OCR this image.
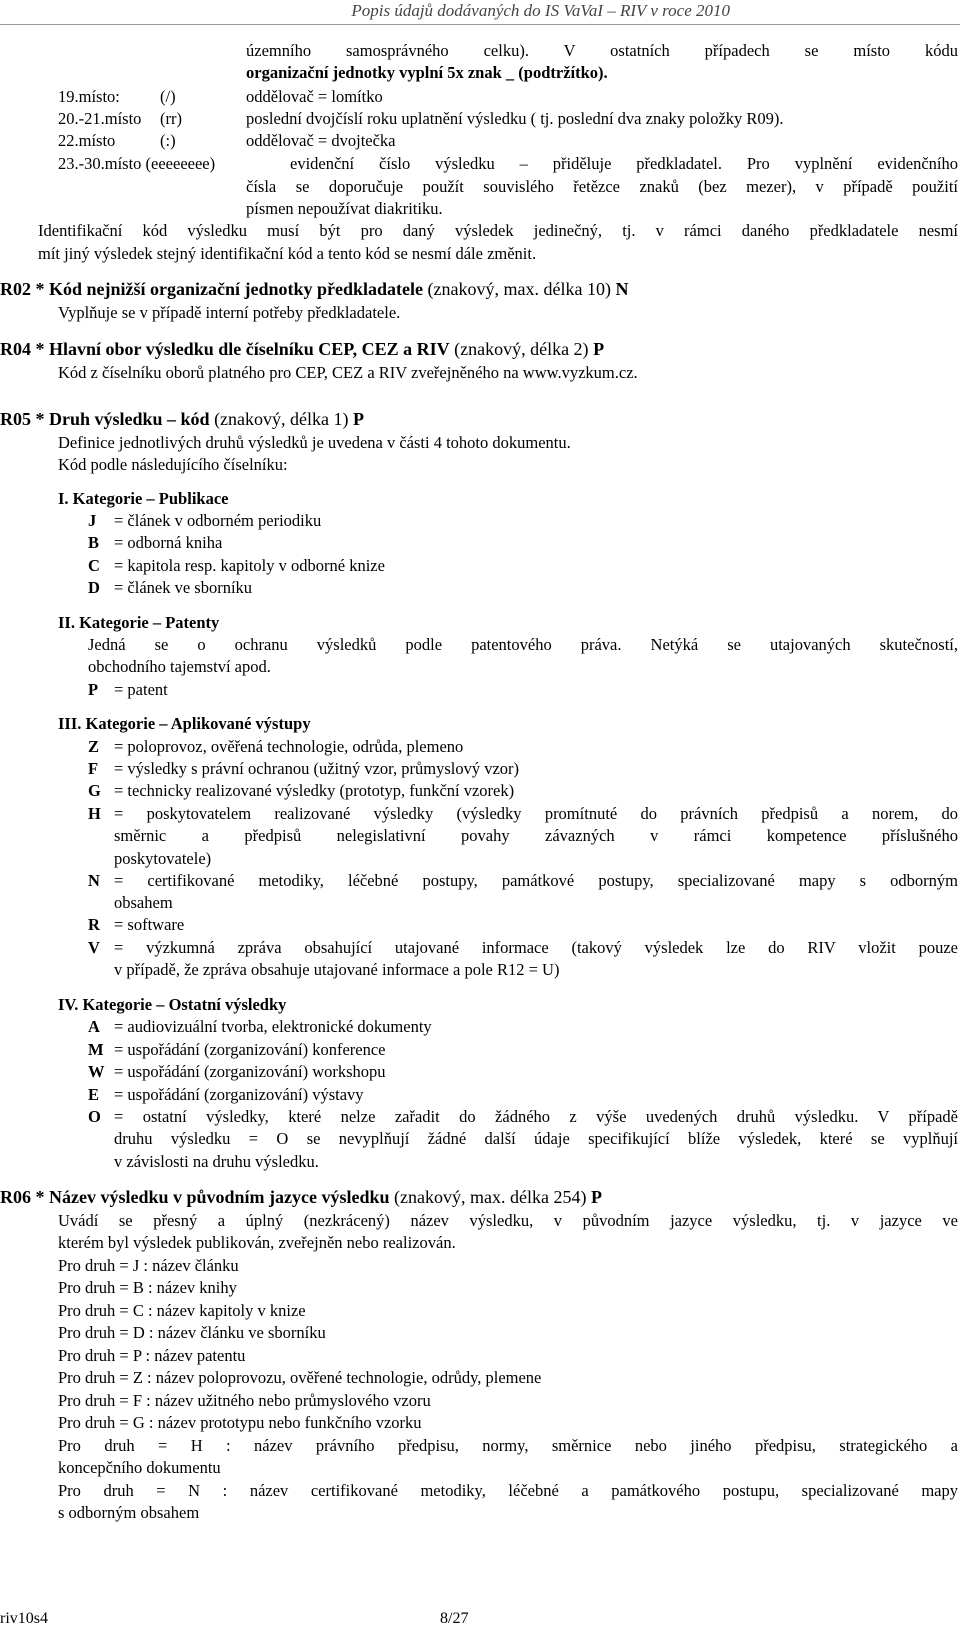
Popis údajů dodávaných do IS VaVaI – RIV v roce 2010
územního samosprávného celku). V ostatních případech se místo kódu
organizační jednotky vyplní 5x znak _ (podtržítko).
19.místo: (/)	oddělovač = lomítko
20.-21.místo (rr)	poslední dvojčíslí roku uplatnění výsledku ( tj. poslední dva znaky položky R09).
22.místo	(:)	oddělovač = dvojtečka
23.-30.místo (eeeeeeee)	evidenční číslo výsledku – přiděluje předkladatel. Pro vyplnění evidenčního
čísla se doporučuje použít souvislého řetězce znaků (bez mezer), v případě použití
písmen nepoužívat diakritiku.
Identifikační kód výsledku musí být pro daný výsledek jedinečný, tj. v rámci daného předkladatele nesmí
mít jiný výsledek stejný identifikační kód a tento kód se nesmí dále změnit.
R02 * Kód nejnižší organizační jednotky předkladatele (znakový, max. délka 10) N
Vyplňuje se v případě interní potřeby předkladatele.
R04 * Hlavní obor výsledku dle číselníku CEP, CEZ a RIV (znakový, délka 2) P
Kód z číselníku oborů platného pro CEP, CEZ a RIV zveřejněného na www.vyzkum.cz.
R05 * Druh výsledku – kód (znakový, délka 1) P
Definice jednotlivých druhů výsledků je uvedena v části 4 tohoto dokumentu.
Kód podle následujícího číselníku:
I. Kategorie – Publikace
J	= článek v odborném periodiku
B = odborná kniha
C = kapitola resp. kapitoly v odborné knize
D = článek ve sborníku
II. Kategorie – Patenty
Jedná se o ochranu výsledků podle patentového práva. Netýká se utajovaných skutečností,
obchodního tajemství apod.
P = patent
III. Kategorie – Aplikované výstupy
Z = poloprovoz, ověřená technologie, odrůda, plemeno
F = výsledky s právní ochranou (užitný vzor, průmyslový vzor)
G = technicky realizované výsledky (prototyp, funkční vzorek)
H = poskytovatelem realizované výsledky (výsledky promítnuté do právních předpisů a norem, do
směrnic a předpisů nelegislativní povahy závazných v rámci kompetence příslušného
poskytovatele)
N = certifikované metodiky, léčebné postupy, památkové postupy, specializované mapy s odborným
obsahem
R = software
V = výzkumná zpráva obsahující utajované informace (takový výsledek lze do RIV vložit pouze
v případě, že zpráva obsahuje utajované informace a pole R12 = U)
IV. Kategorie – Ostatní výsledky
A = audiovizuální tvorba, elektronické dokumenty
M = uspořádání (zorganizování) konference
W = uspořádání (zorganizování) workshopu
E = uspořádání (zorganizování) výstavy
O = ostatní výsledky, které nelze zařadit do žádného z výše uvedených druhů výsledku. V případě
druhu výsledku = O se nevyplňují žádné další údaje specifikující blíže výsledek, které se vyplňují
v závislosti na druhu výsledku.
R06 * Název výsledku v původním jazyce výsledku (znakový, max. délka 254) P
Uvádí se přesný a úplný (nezkrácený) název výsledku, v původním jazyce výsledku, tj. v jazyce ve
kterém byl výsledek publikován, zveřejněn nebo realizován.
Pro druh = J : název článku
Pro druh = B : název knihy
Pro druh = C : název kapitoly v knize
Pro druh = D : název článku ve sborníku
Pro druh = P : název patentu
Pro druh = Z : název poloprovozu, ověřené technologie, odrůdy, plemene
Pro druh = F : název užitného nebo průmyslového vzoru
Pro druh = G : název prototypu nebo funkčního vzorku
Pro druh = H : název právního předpisu, normy, směrnice nebo jiného předpisu, strategického a
koncepčního dokumentu
Pro druh = N : název certifikované metodiky, léčebné a památkového postupu, specializované mapy
s odborným obsahem
riv10s4	8/27
